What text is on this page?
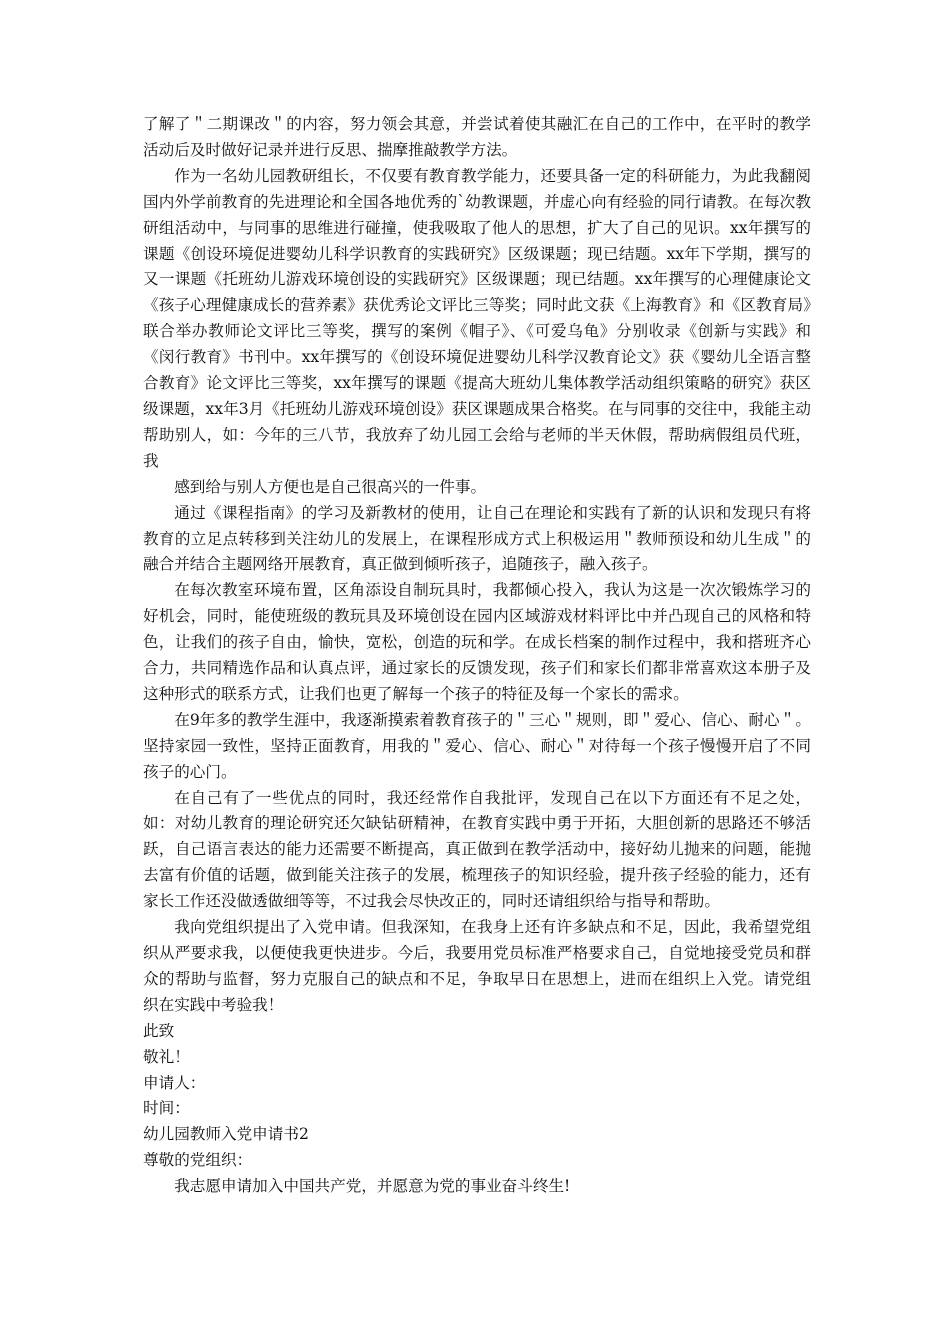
了解了＂二期课改＂的内容，努力领会其意，并尝试着使其融汇在自己的工作中，在平时的教学活动后及时做好记录并进行反思、揣摩推敲教学方法。

作为一名幼儿园教研组长，不仅要有教育教学能力，还要具备一定的科研能力，为此我翻阅国内外学前教育的先进理论和全国各地优秀的`幼教课题，并虚心向有经验的同行请教。在每次教研组活动中，与同事的思维进行碰撞，使我吸取了他人的思想，扩大了自己的见识。xx年撰写的课题《创设环境促进婴幼儿科学识教育的实践研究》区级课题；现已结题。xx年下学期，撰写的又一课题《托班幼儿游戏环境创设的实践研究》区级课题；现已结题。xx年撰写的心理健康论文《孩子心理健康成长的营养素》获优秀论文评比三等奖；同时此文获《上海教育》和《区教育局》联合举办教师论文评比三等奖，撰写的案例《帽子》、《可爱乌龟》分别收录《创新与实践》和《闵行教育》书刊中。xx年撰写的《创设环境促进婴幼儿科学汉教育论文》获《婴幼儿全语言整合教育》论文评比三等奖，xx年撰写的课题《提高大班幼儿集体教学活动组织策略的研究》获区级课题，xx年3月《托班幼儿游戏环境创设》获区课题成果合格奖。在与同事的交往中，我能主动帮助别人，如：今年的三八节，我放弃了幼儿园工会给与老师的半天休假，帮助病假组员代班，我

感到给与别人方便也是自己很高兴的一件事。

通过《课程指南》的学习及新教材的使用，让自己在理论和实践有了新的认识和发现只有将教育的立足点转移到关注幼儿的发展上，在课程形成方式上积极运用＂教师预设和幼儿生成＂的融合并结合主题网络开展教育，真正做到倾听孩子，追随孩子，融入孩子。

在每次教室环境布置，区角添设自制玩具时，我都倾心投入，我认为这是一次次锻炼学习的好机会，同时，能使班级的教玩具及环境创设在园内区域游戏材料评比中并凸现自己的风格和特色，让我们的孩子自由，愉快，宽松，创造的玩和学。在成长档案的制作过程中，我和搭班齐心合力，共同精选作品和认真点评，通过家长的反馈发现，孩子们和家长们都非常喜欢这本册子及这种形式的联系方式，让我们也更了解每一个孩子的特征及每一个家长的需求。

在9年多的教学生涯中，我逐渐摸索着教育孩子的＂三心＂规则，即＂爱心、信心、耐心＂。坚持家园一致性，坚持正面教育，用我的＂爱心、信心、耐心＂对待每一个孩子慢慢开启了不同孩子的心门。

在自己有了一些优点的同时，我还经常作自我批评，发现自己在以下方面还有不足之处，如：对幼儿教育的理论研究还欠缺钻研精神，在教育实践中勇于开拓，大胆创新的思路还不够活跃，自己语言表达的能力还需要不断提高，真正做到在教学活动中，接好幼儿抛来的问题，能抛去富有价值的话题，做到能关注孩子的发展，梳理孩子的知识经验，提升孩子经验的能力，还有家长工作还没做透做细等等，不过我会尽快改正的，同时还请组织给与指导和帮助。

我向党组织提出了入党申请。但我深知，在我身上还有许多缺点和不足，因此，我希望党组织从严要求我，以便使我更快进步。今后，我要用党员标准严格要求自己，自觉地接受党员和群众的帮助与监督，努力克服自己的缺点和不足，争取早日在思想上，进而在组织上入党。请党组织在实践中考验我！

此致

敬礼！

申请人：

时间：

幼儿园教师入党申请书2

尊敬的党组织：

我志愿申请加入中国共产党，并愿意为党的事业奋斗终生!
